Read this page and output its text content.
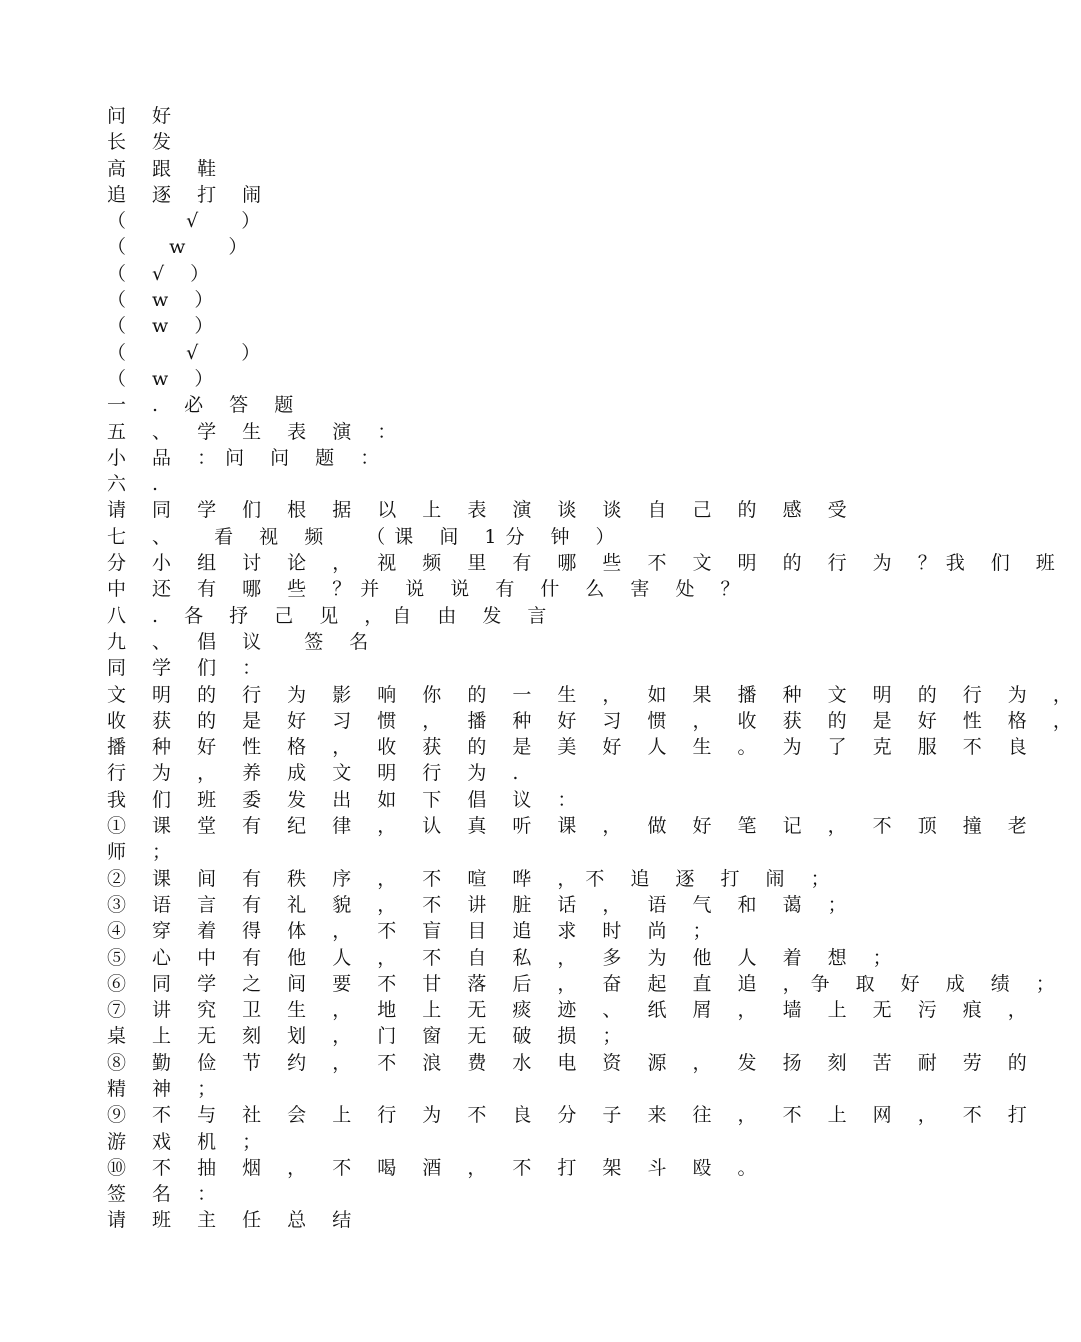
问 好
长 发
高 跟 鞋
追 逐 打 闹
（   √  ）
（  w  ）
（ √ ）
（ w ）
（ w ）
（   √  ）
（ w ）
一 . 必 答 题
五 、 学 生 表 演 ：
小 品 ：问 问 题 ：
六 .
请 同 学 们 根 据 以 上 表 演 谈 谈 自 己 的 感 受
七 、  看 视 频  （课 间 1分 钟 ）
分 小 组 讨 论 ， 视 频 里 有 哪 些 不 文 明 的 行 为 ？我 们 班
中 还 有 哪 些 ？并 说 说 有 什 么 害 处 ？
八 . 各 抒 己 见 ，自 由 发 言
九 、 倡 议  签 名
同 学 们 ：
文 明 的 行 为 影 响 你 的 一 生 ， 如 果 播 种 文 明 的 行 为 ，
收 获 的 是 好 习 惯 ， 播 种 好 习 惯 ， 收 获 的 是 好 性 格 ，
播 种 好 性 格 ， 收 获 的 是 美 好 人 生 。 为 了 克 服 不 良
行 为 ， 养 成 文 明 行 为 .
我 们 班 委 发 出 如 下 倡 议 ：
① 课 堂 有 纪 律 ， 认 真 听 课 ， 做 好 笔 记 ， 不 顶 撞 老
师 ；
② 课 间 有 秩 序 ， 不 喧 哗 ，不 追 逐 打 闹 ；
③ 语 言 有 礼 貌 ， 不 讲 脏 话 ， 语 气 和 蔼 ；
④ 穿 着 得 体 ， 不 盲 目 追 求 时 尚 ；
⑤ 心 中 有 他 人 ， 不 自 私 ， 多 为 他 人 着 想 ；
⑥ 同 学 之 间 要 不 甘 落 后 ， 奋 起 直 追 ，争 取 好 成 绩 ；
⑦ 讲 究 卫 生 ， 地 上 无 痰 迹 、 纸 屑 ， 墙 上 无 污 痕 ，
桌 上 无 刻 划 ， 门 窗 无 破 损 ；
⑧ 勤 俭 节 约 ， 不 浪 费 水 电 资 源 ， 发 扬 刻 苦 耐 劳 的
精 神 ；
⑨ 不 与 社 会 上 行 为 不 良 分 子 来 往 ， 不 上 网 ， 不 打
游 戏 机 ；
⑩ 不 抽 烟 ， 不 喝 酒 ， 不 打 架 斗 殴 。
签 名 ：
请 班 主 任 总 结
